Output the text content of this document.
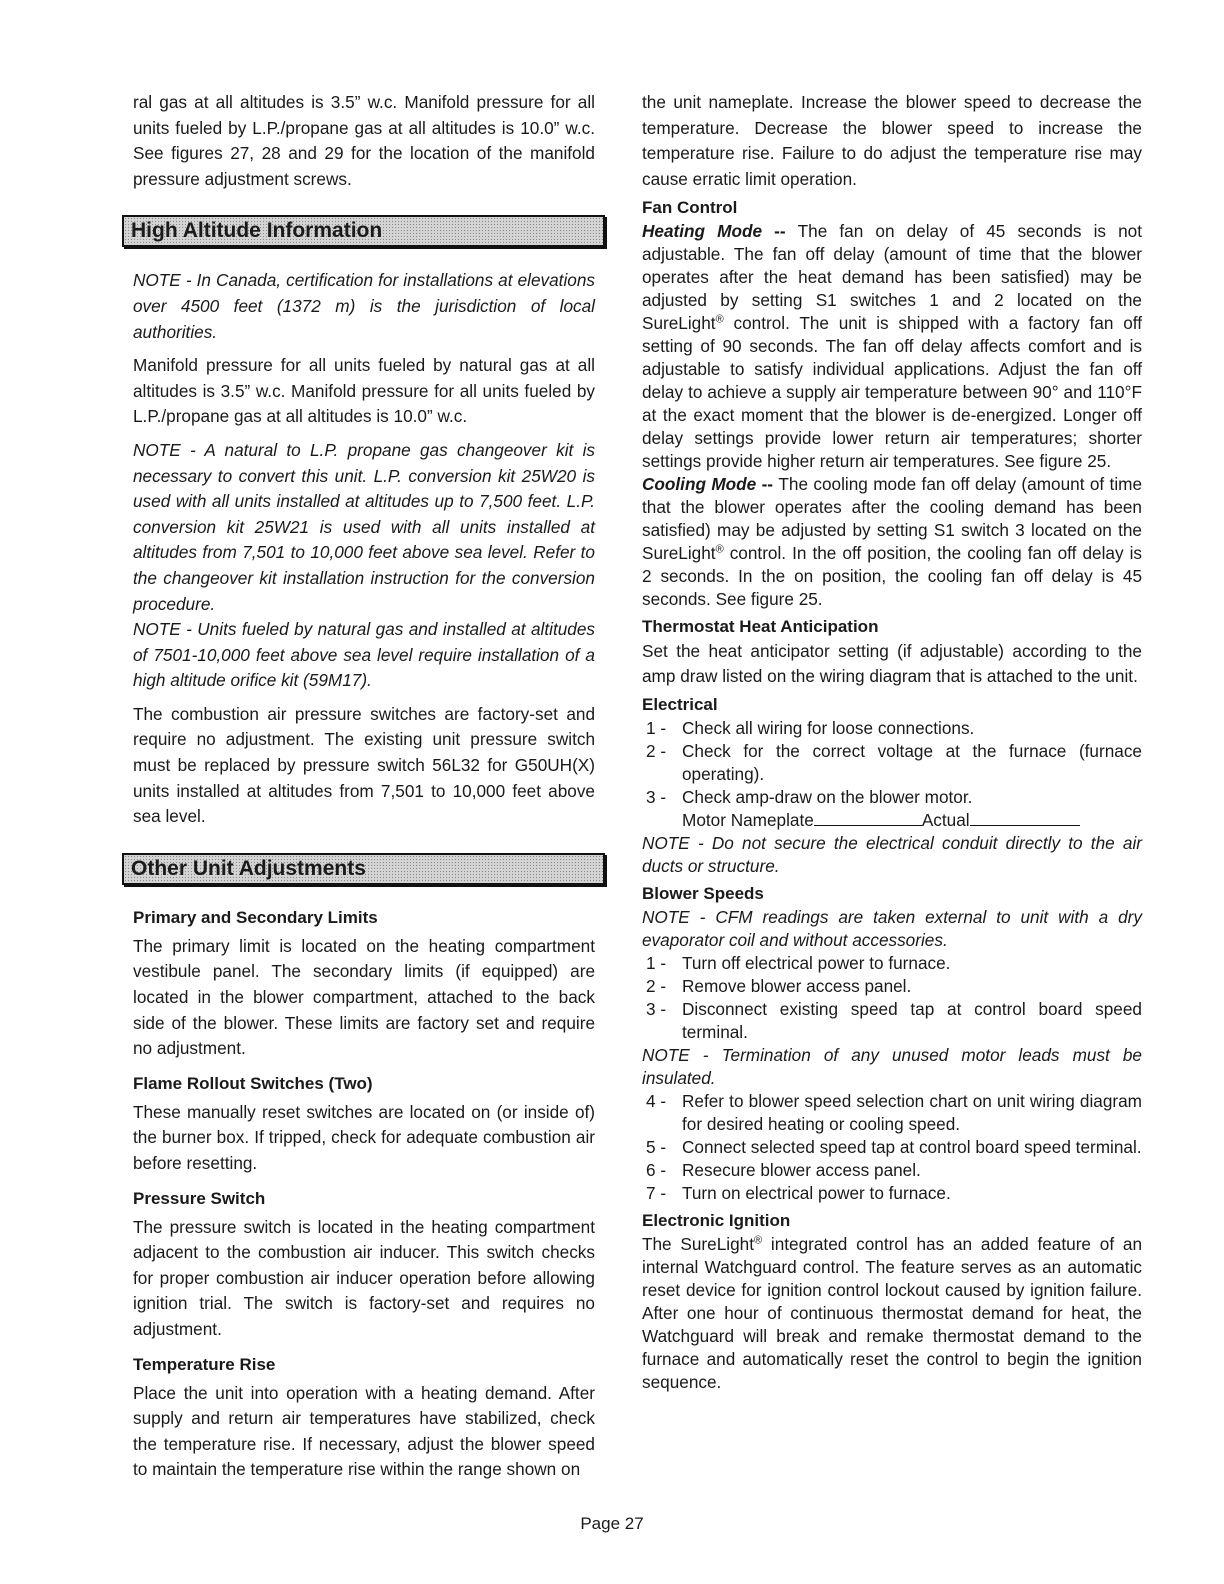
ral gas at all altitudes is 3.5” w.c. Manifold pressure for all units fueled by L.P./propane gas at all altitudes is 10.0” w.c. See figures 27, 28 and 29 for the location of the manifold pressure adjustment screws.

High Altitude Information

NOTE - In Canada, certification for installations at elevations over 4500 feet (1372 m) is the jurisdiction of local authorities.

Manifold pressure for all units fueled by natural gas at all altitudes is 3.5” w.c. Manifold pressure for all units fueled by L.P./propane gas at all altitudes is 10.0” w.c.

NOTE - A natural to L.P. propane gas changeover kit is necessary to convert this unit. L.P. conversion kit 25W20 is used with all units installed at altitudes up to 7,500 feet. L.P. conversion kit 25W21 is used with all units installed at altitudes from 7,501 to 10,000 feet above sea level. Refer to the changeover kit installation instruction for the conversion procedure.

NOTE - Units fueled by natural gas and installed at altitudes of 7501-10,000 feet above sea level require installation of a high altitude orifice kit (59M17).

The combustion air pressure switches are factory-set and require no adjustment. The existing unit pressure switch must be replaced by pressure switch 56L32 for G50UH(X) units installed at altitudes from 7,501 to 10,000 feet above sea level.

Other Unit Adjustments
Primary and Secondary Limits

The primary limit is located on the heating compartment vestibule panel. The secondary limits (if equipped) are located in the blower compartment, attached to the back side of the blower. These limits are factory set and require no adjustment.

Flame Rollout Switches (Two)

These manually reset switches are located on (or inside of) the burner box. If tripped, check for adequate combustion air before resetting.

Pressure Switch

The pressure switch is located in the heating compartment adjacent to the combustion air inducer. This switch checks for proper combustion air inducer operation before allowing ignition trial. The switch is factory-set and requires no adjustment.

Temperature Rise

Place the unit into operation with a heating demand. After supply and return air temperatures have stabilized, check the temperature rise. If necessary, adjust the blower speed to maintain the temperature rise within the range shown on

the unit nameplate. Increase the blower speed to decrease the temperature. Decrease the blower speed to increase the temperature rise. Failure to do adjust the temperature rise may cause erratic limit operation.

Fan Control

Heating Mode -- The fan on delay of 45 seconds is not adjustable. The fan off delay (amount of time that the blower operates after the heat demand has been satisfied) may be adjusted by setting S1 switches 1 and 2 located on the SureLight® control. The unit is shipped with a factory fan off setting of 90 seconds. The fan off delay affects comfort and is adjustable to satisfy individual applications. Adjust the fan off delay to achieve a supply air temperature between 90° and 110°F at the exact moment that the blower is de-energized. Longer off delay settings provide lower return air temperatures; shorter settings provide higher return air temperatures. See figure 25.

Cooling Mode -- The cooling mode fan off delay (amount of time that the blower operates after the cooling demand has been satisfied) may be adjusted by setting S1 switch 3 located on the SureLight® control. In the off position, the cooling fan off delay is 2 seconds. In the on position, the cooling fan off delay is 45 seconds. See figure 25.

Thermostat Heat Anticipation

Set the heat anticipator setting (if adjustable) according to the amp draw listed on the wiring diagram that is attached to the unit.

Electrical
1 - Check all wiring for loose connections.
2 - Check for the correct voltage at the furnace (furnace operating).
3 - Check amp-draw on the blower motor.
Motor Nameplate	Actual

NOTE - Do not secure the electrical conduit directly to the air ducts or structure.

Blower Speeds

NOTE - CFM readings are taken external to unit with a dry evaporator coil and without accessories.

1 - Turn off electrical power to furnace.
2 - Remove blower access panel.
3 - Disconnect existing speed tap at control board speed terminal.

NOTE - Termination of any unused motor leads must be insulated.

4 - Refer to blower speed selection chart on unit wiring diagram for desired heating or cooling speed.
5 - Connect selected speed tap at control board speed terminal.
6 - Resecure blower access panel.
7 - Turn on electrical power to furnace.
Electronic Ignition

The SureLight® integrated control has an added feature of an internal Watchguard control. The feature serves as an automatic reset device for ignition control lockout caused by ignition failure. After one hour of continuous thermostat demand for heat, the Watchguard will break and remake thermostat demand to the furnace and automatically reset the control to begin the ignition sequence.

Page 27
